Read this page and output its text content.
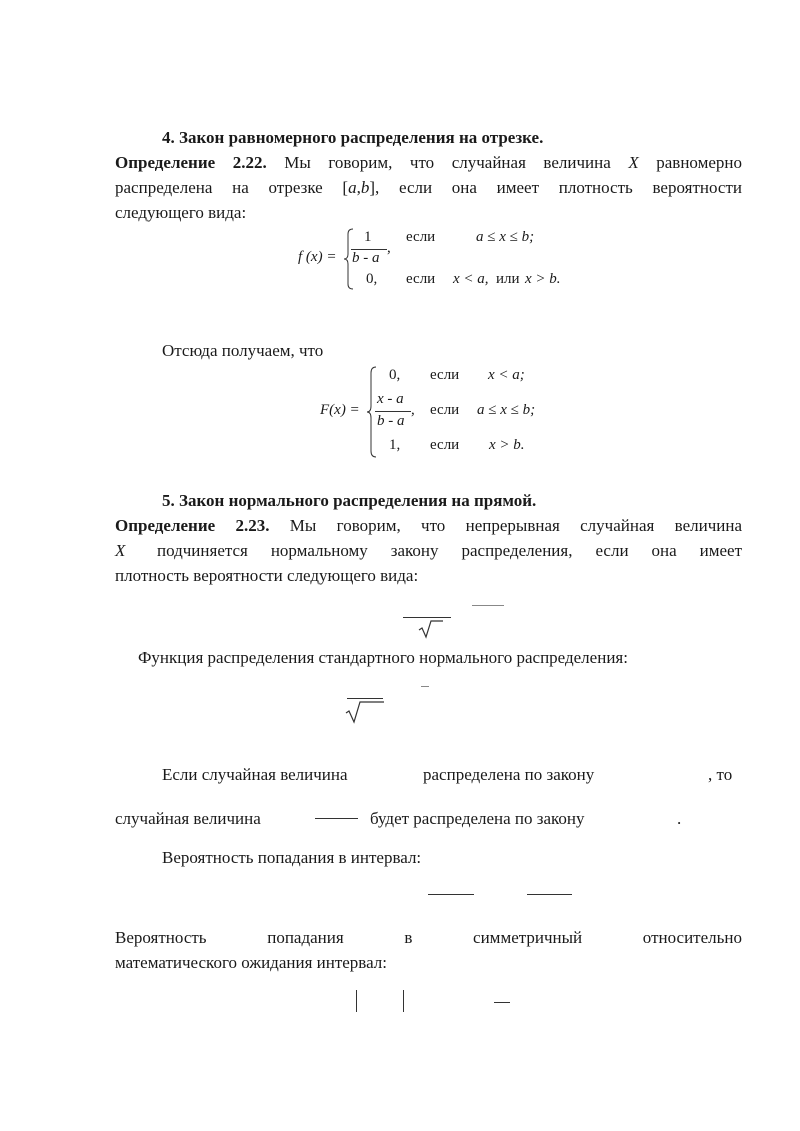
4. Закон равномерного распределения на отрезке.
Определение 2.22. Мы говорим, что случайная величина X равномерно
распределена на отрезке [a,b], если она имеет плотность вероятности
следующего вида:
f (x) =
1
b - a
,
если	a ≤ x ≤ b;
0, если x < a, или x > b.
Отсюда получаем, что
F(x) =
0, если x < a;
x - a
b - a
, если a ≤ x ≤ b;
1, если x > b.
5. Закон нормального распределения на прямой.
Определение 2.23. Мы говорим, что непрерывная случайная величина
X подчиняется нормальному закону распределения, если она имеет
плотность вероятности следующего вида:
Функция распределения стандартного нормального распределения:
Если случайная величина	распределена по закону	, то
случайная величина	будет распределена по закону	.
Вероятность попадания в интервал:
Вероятность попадания в симметричный относительно
математического ожидания интервал:
